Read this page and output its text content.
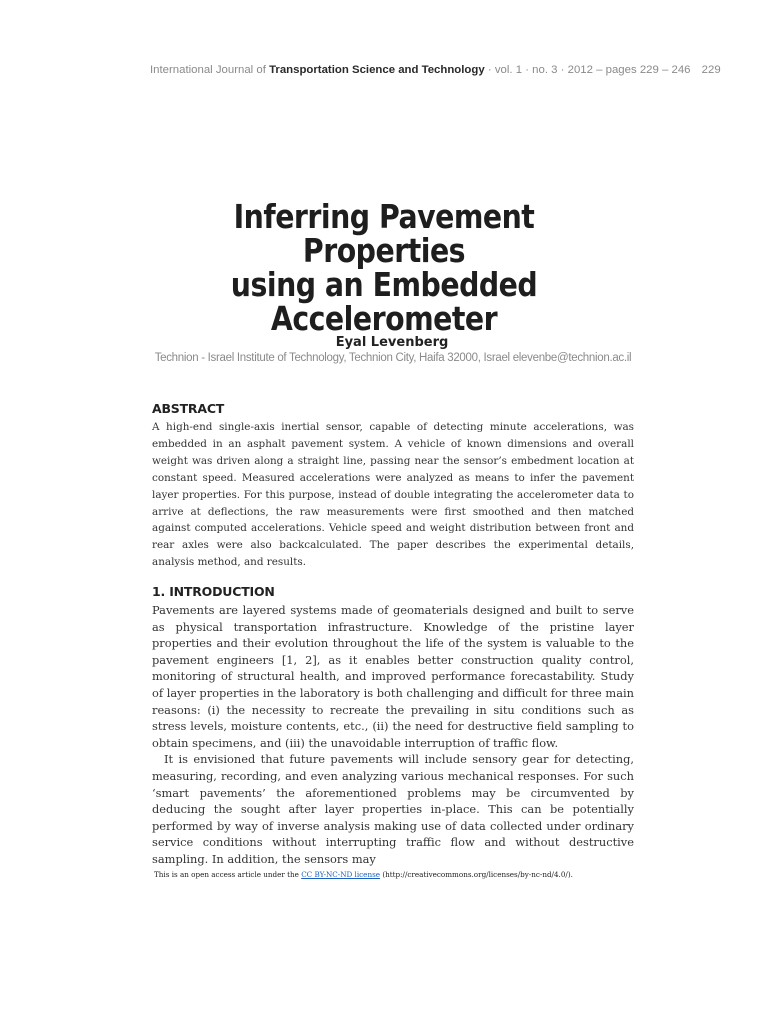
International Journal of Transportation Science and Technology · vol. 1 · no. 3 · 2012 – pages 229 – 246 229
Inferring Pavement Properties
using an Embedded
Accelerometer
Eyal Levenberg
Technion - Israel Institute of Technology, Technion City, Haifa 32000, Israel elevenbe@technion.ac.il
ABSTRACT
A high-end single-axis inertial sensor, capable of detecting minute accelerations, was embedded in an asphalt pavement system. A vehicle of known dimensions and overall weight was driven along a straight line, passing near the sensor’s embedment location at constant speed. Measured accelerations were analyzed as means to infer the pavement layer properties. For this purpose, instead of double integrating the accelerometer data to arrive at deflections, the raw measurements were first smoothed and then matched against computed accelerations. Vehicle speed and weight distribution between front and rear axles were also backcalculated. The paper describes the experimental details, analysis method, and results.
1. INTRODUCTION

Pavements are layered systems made of geomaterials designed and built to serve as physical transportation infrastructure. Knowledge of the pristine layer properties and their evolution throughout the life of the system is valuable to the pavement engineers [1, 2], as it enables better construction quality control, monitoring of structural health, and improved performance forecastability. Study of layer properties in the laboratory is both challenging and difficult for three main reasons: (i) the necessity to recreate the prevailing in situ conditions such as stress levels, moisture contents, etc., (ii) the need for destructive field sampling to obtain specimens, and (iii) the unavoidable interruption of traffic flow.

It is envisioned that future pavements will include sensory gear for detecting, measuring, recording, and even analyzing various mechanical responses. For such ‘smart pavements’ the aforementioned problems may be circumvented by deducing the sought after layer properties in-place. This can be potentially performed by way of inverse analysis making use of data collected under ordinary service conditions without interrupting traffic flow and without destructive sampling. In addition, the sensors may

This is an open access article under the CC BY-NC-ND license (http://creativecommons.org/licenses/by-nc-nd/4.0/).
